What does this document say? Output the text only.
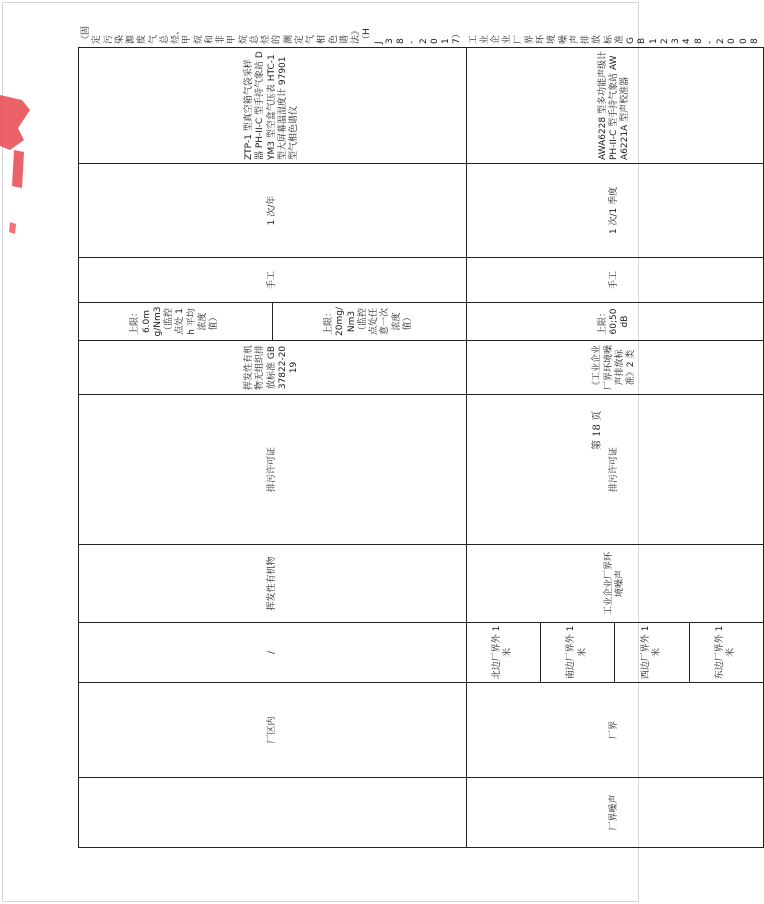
	厂区内	/	挥发性有机物	排污许可证	挥发性有机物无组织排放标准 GB 37822-2019	上限：6.0mg/Nm3（监控点处 1h 平均浓度值）	手工	1 次/年	ZTP-1 型真空箱气袋采样器 PH-II-C 型手持气象站 DYM3 型空盒气压表 HTC-1 型大屏幕温湿度计 97901 型气相色谱仪	《固定污染源废气总烃、甲烷和非甲烷总烃的测定 气相色谱法》（HJ 38-2017）
						上限：20mg/Nm3（监控点处任意一次浓度值）				
厂界噪声	厂界	北边厂界外 1 米 南边厂界外 1 米 西边厂界外 1 米 东边厂界外 1 米	工业企业厂界环境噪声	排污许可证	《工业企业厂界环境噪声排放标准》2 类	上限：60;50dB	手工	1 次/1 季度	AWA6228 型多功能声级计 PH-II-C 型手持气象站 AWA6221A 型声校准器	工业企业厂界环境噪声排放标准 GB 12348-2008
第 18 页
